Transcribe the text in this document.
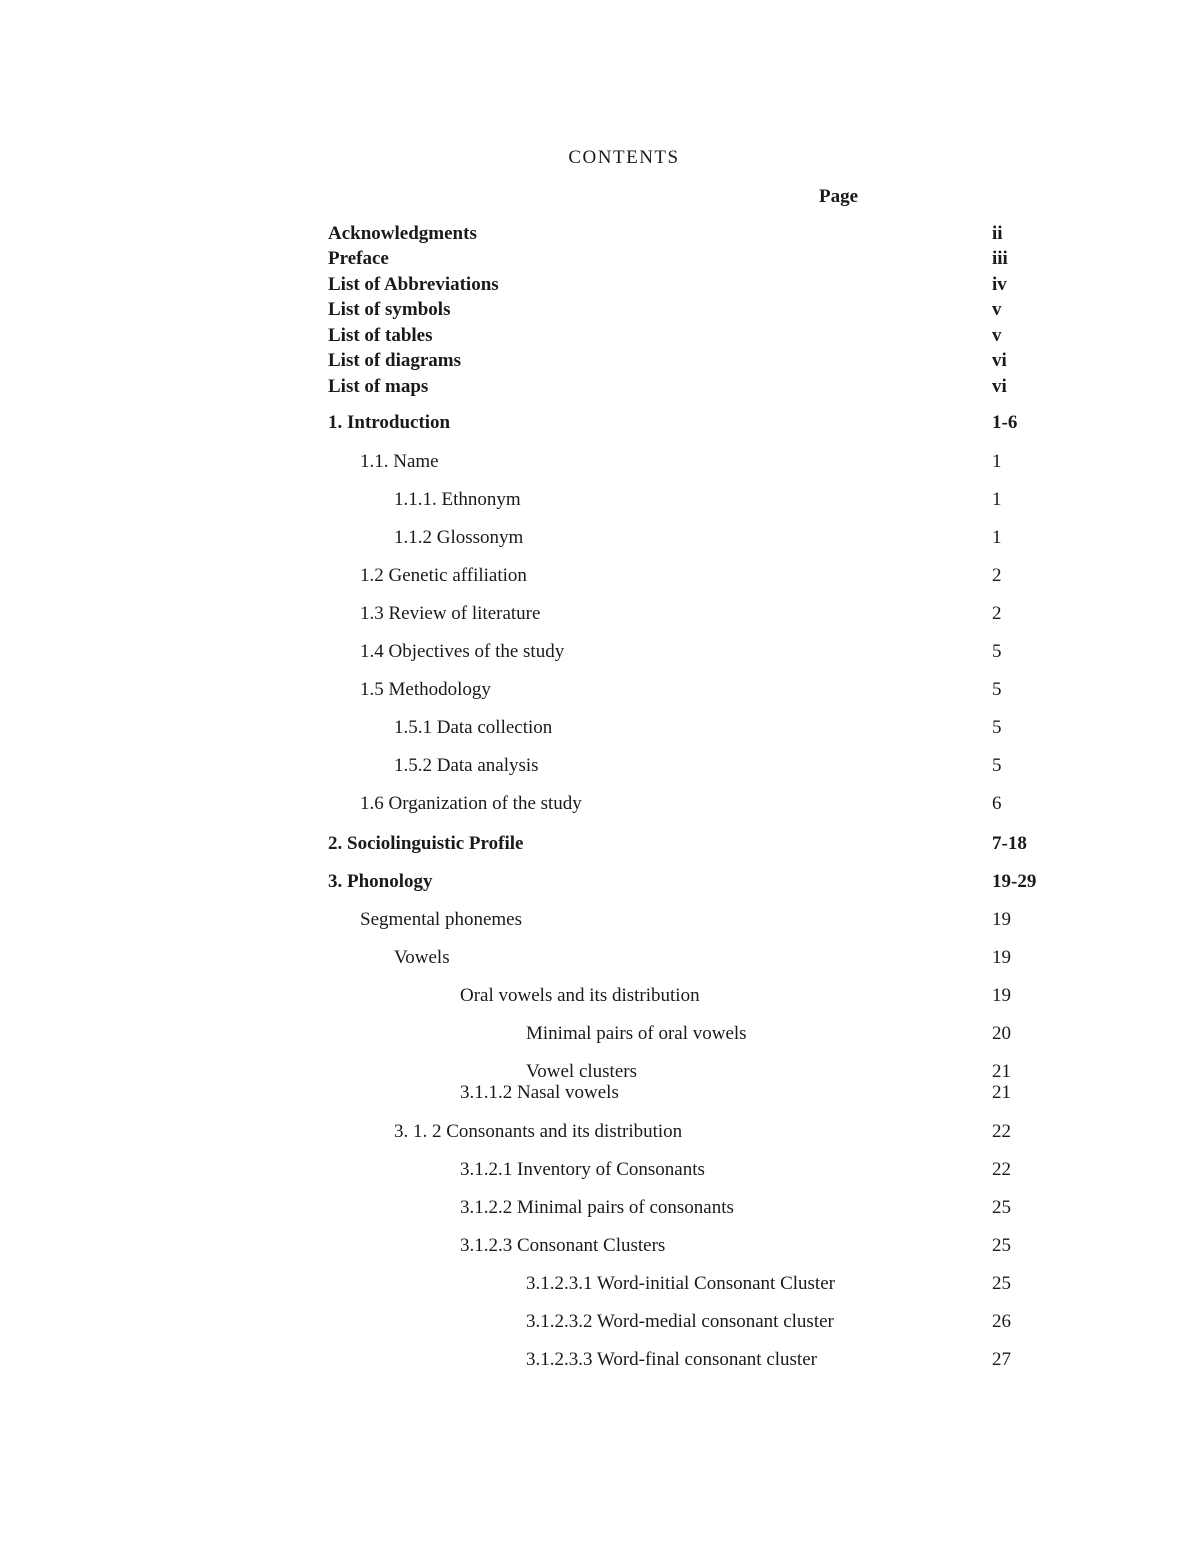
CONTENTS
Page
Acknowledgments	ii
Preface	iii
List of Abbreviations	iv
List of symbols	v
List of tables	v
List of diagrams	vi
List of maps	vi
1. Introduction	1-6
1.1. Name	1
1.1.1. Ethnonym	1
1.1.2 Glossonym	1
1.2 Genetic affiliation	2
1.3 Review of literature	2
1.4 Objectives of the study	5
1.5 Methodology	5
1.5.1 Data collection	5
1.5.2 Data analysis	5
1.6 Organization of the study	6
2. Sociolinguistic Profile	7-18
3. Phonology	19-29
Segmental phonemes	19
Vowels	19
Oral vowels and its distribution	19
Minimal pairs of oral vowels	20
Vowel clusters	21
3.1.1.2 Nasal vowels	21
3. 1. 2 Consonants and its distribution	22
3.1.2.1 Inventory of Consonants	22
3.1.2.2 Minimal pairs of consonants	25
3.1.2.3 Consonant Clusters	25
3.1.2.3.1 Word-initial Consonant Cluster	25
3.1.2.3.2 Word-medial consonant cluster	26
3.1.2.3.3 Word-final consonant cluster	27
